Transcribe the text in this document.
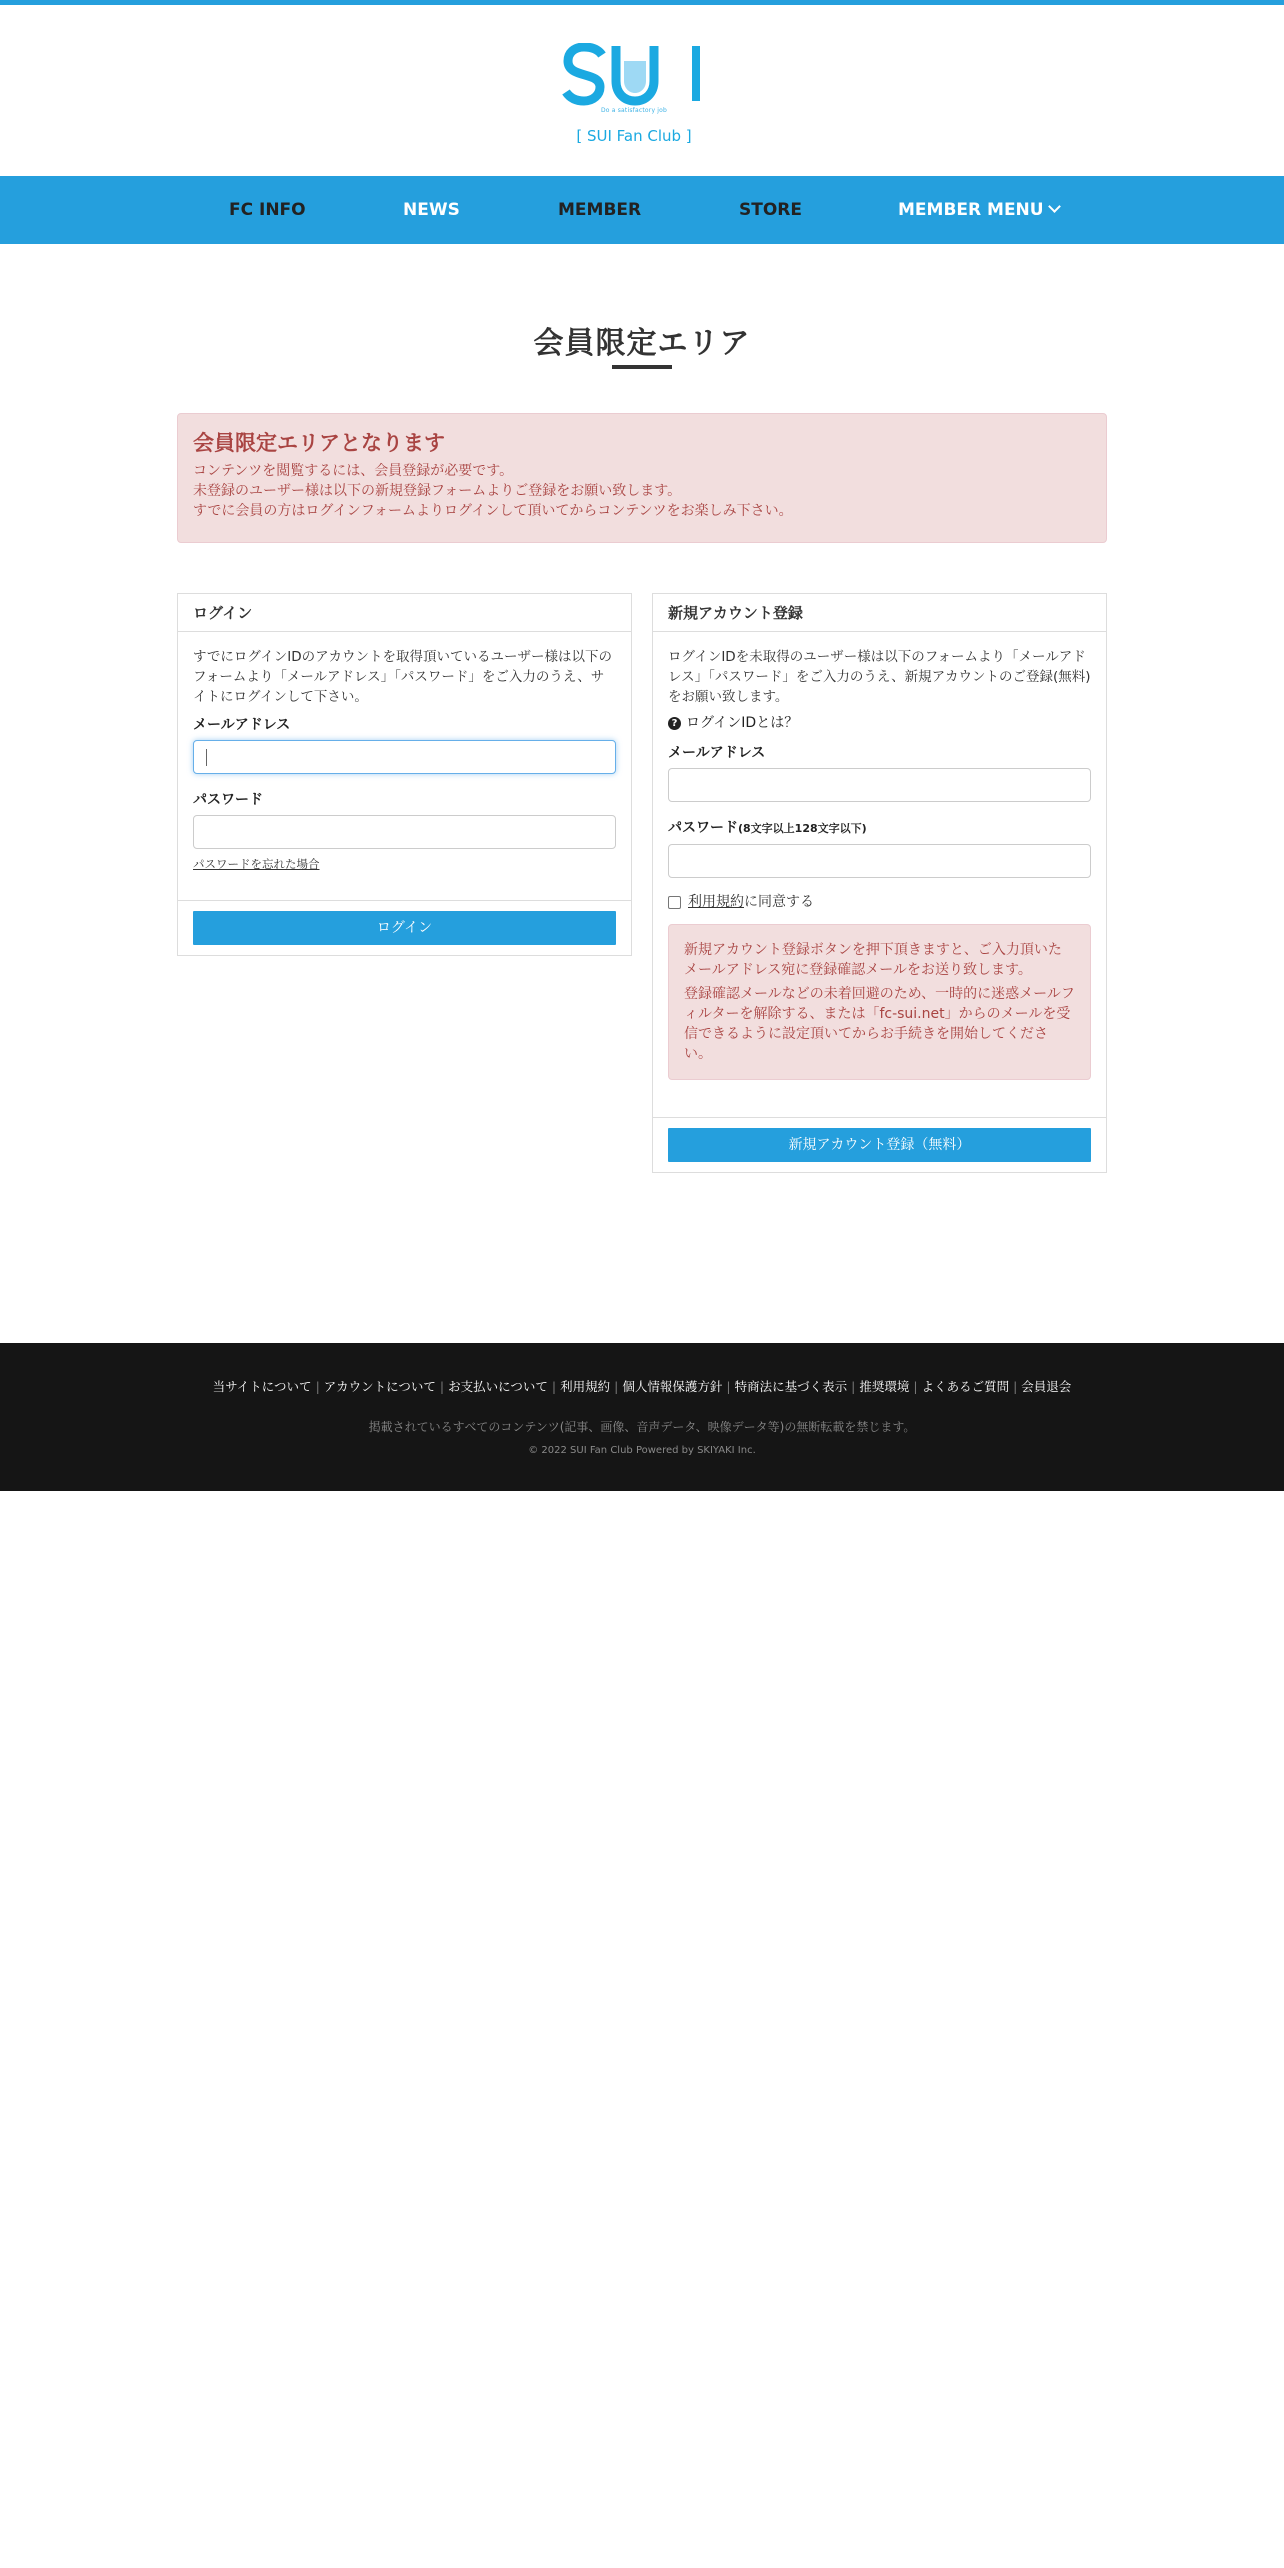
Do a satisfactory job
[ SUI Fan Club ]
FC INFO	NEWS	MEMBER	STORE	MEMBER MENU
会員限定エリア
会員限定エリアとなります

コンテンツを閲覧するには、会員登録が必要です。

未登録のユーザー様は以下の新規登録フォームよりご登録をお願い致します。

すでに会員の方はログインフォームよりログインして頂いてからコンテンツをお楽しみ下さい。

ログイン

すでにログインIDのアカウントを取得頂いているユーザー様は以下のフォームより「メールアドレス」「パスワード」をご入力のうえ、サイトにログインして下さい。

メールアドレス
パスワード
パスワードを忘れた場合
ログイン
新規アカウント登録

ログインIDを未取得のユーザー様は以下のフォームより「メールアドレス」「パスワード」をご入力のうえ、新規アカウントのご登録(無料)をお願い致します。

? ログインIDとは？
メールアドレス
パスワード(8文字以上128文字以下)
利用規約 に同意する

新規アカウント登録ボタンを押下頂きますと、ご入力頂いたメールアドレス宛に登録確認メールをお送り致します。

登録確認メールなどの未着回避のため、一時的に迷惑メールフィルターを解除する、または「fc-sui.net」からのメールを受信できるように設定頂いてからお手続きを開始してください。

新規アカウント登録（無料）
当サイトについて | アカウントについて | お支払いについて | 利用規約 | 個人情報保護方針 | 特商法に基づく表示 | 推奨環境 | よくあるご質問 | 会員退会
掲載されているすべてのコンテンツ(記事、画像、音声データ、映像データ等)の無断転載を禁じます。
© 2022 SUI Fan Club Powered by SKIYAKI Inc.
